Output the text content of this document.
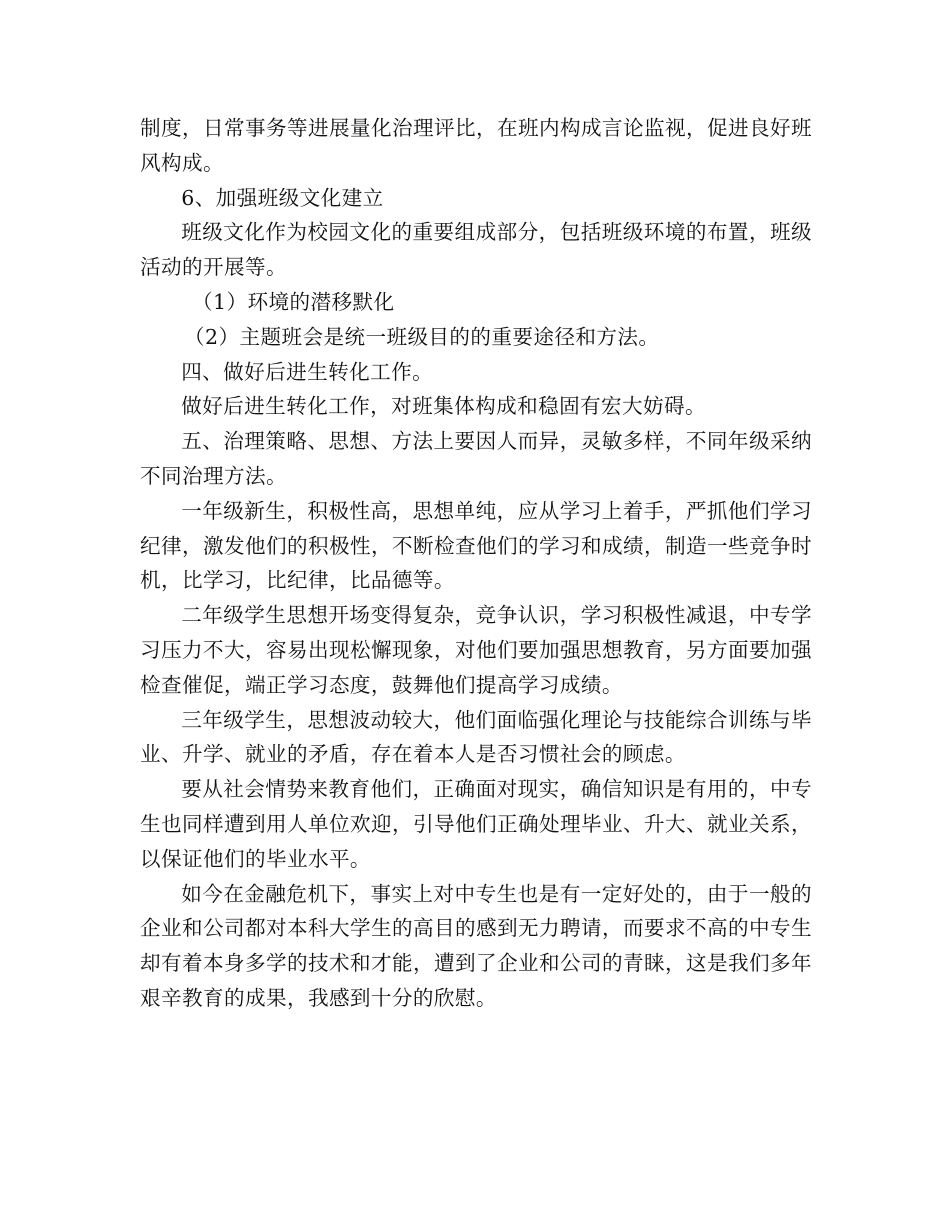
制度，日常事务等进展量化治理评比，在班内构成言论监视，促进良好班风构成。

6、加强班级文化建立

班级文化作为校园文化的重要组成部分，包括班级环境的布置，班级活动的开展等。

（1）环境的潜移默化

（2）主题班会是统一班级目的的重要途径和方法。

四、做好后进生转化工作。

做好后进生转化工作，对班集体构成和稳固有宏大妨碍。

五、治理策略、思想、方法上要因人而异，灵敏多样，不同年级采纳不同治理方法。

一年级新生，积极性高，思想单纯，应从学习上着手，严抓他们学习纪律，激发他们的积极性，不断检查他们的学习和成绩，制造一些竞争时机，比学习，比纪律，比品德等。

二年级学生思想开场变得复杂，竞争认识，学习积极性减退，中专学习压力不大，容易出现松懈现象，对他们要加强思想教育，另方面要加强检查催促，端正学习态度，鼓舞他们提高学习成绩。

三年级学生，思想波动较大，他们面临强化理论与技能综合训练与毕业、升学、就业的矛盾，存在着本人是否习惯社会的顾虑。

要从社会情势来教育他们，正确面对现实，确信知识是有用的，中专生也同样遭到用人单位欢迎，引导他们正确处理毕业、升大、就业关系，以保证他们的毕业水平。

如今在金融危机下，事实上对中专生也是有一定好处的，由于一般的企业和公司都对本科大学生的高目的感到无力聘请，而要求不高的中专生却有着本身多学的技术和才能，遭到了企业和公司的青睐，这是我们多年艰辛教育的成果，我感到十分的欣慰。
